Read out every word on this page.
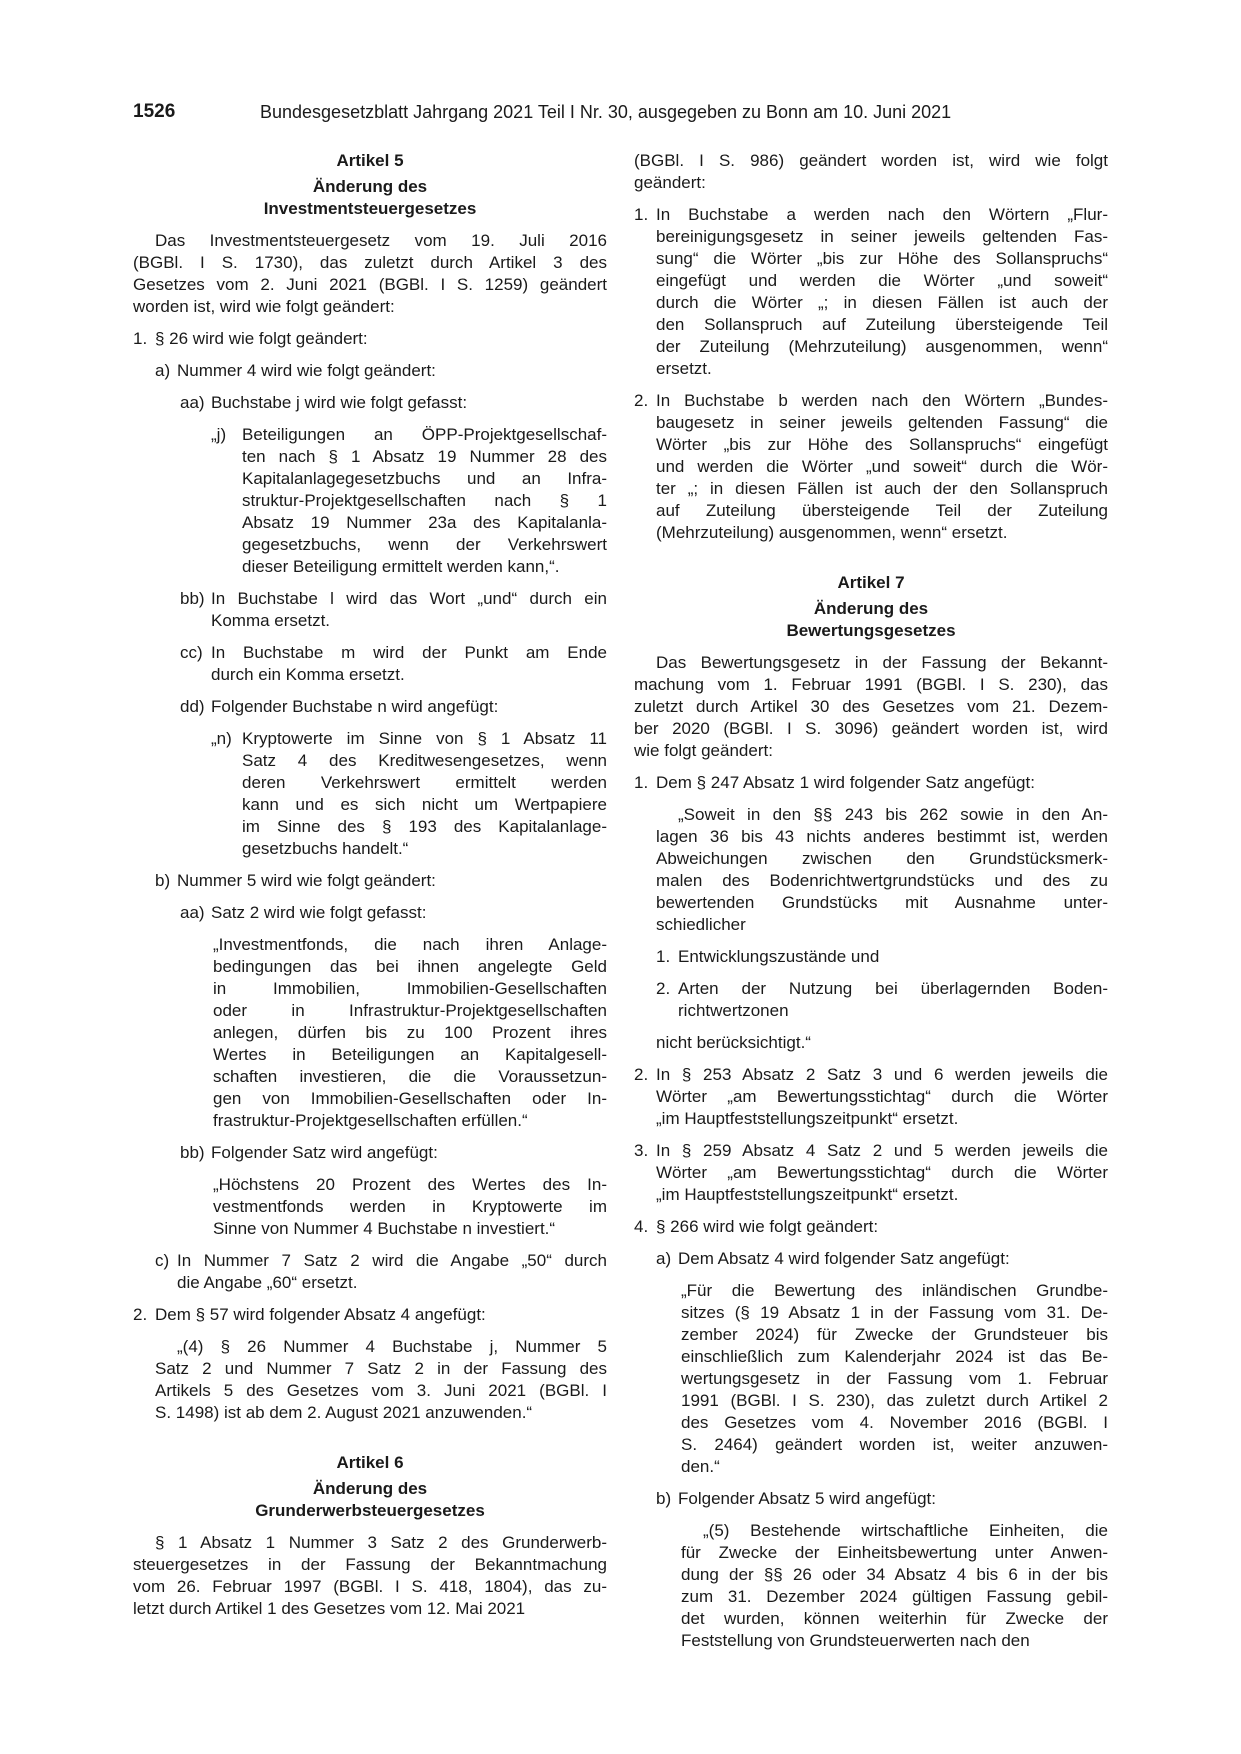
1526	Bundesgesetzblatt Jahrgang 2021 Teil I Nr. 30, ausgegeben zu Bonn am 10. Juni 2021
Artikel 5
Änderung des
Investmentsteuergesetzes
Das Investmentsteuergesetz vom 19. Juli 2016
(BGBl. I S. 1730), das zuletzt durch Artikel 3 des
Gesetzes vom 2. Juni 2021 (BGBl. I S. 1259) geändert
worden ist, wird wie folgt geändert:
1. § 26 wird wie folgt geändert:
a) Nummer 4 wird wie folgt geändert:
aa) Buchstabe j wird wie folgt gefasst:
„j) Beteiligungen an ÖPP-Projektgesellschaf-
ten nach § 1 Absatz 19 Nummer 28 des
Kapitalanlagegesetzbuchs und an Infra-
struktur-Projektgesellschaften nach § 1
Absatz 19 Nummer 23a des Kapitalanla-
gegesetzbuchs, wenn der Verkehrswert
dieser Beteiligung ermittelt werden kann,“.
bb) In Buchstabe l wird das Wort „und“ durch ein
Komma ersetzt.
cc) In Buchstabe m wird der Punkt am Ende
durch ein Komma ersetzt.
dd) Folgender Buchstabe n wird angefügt:
„n) Kryptowerte im Sinne von § 1 Absatz 11
Satz 4 des Kreditwesengesetzes, wenn
deren Verkehrswert ermittelt werden
kann und es sich nicht um Wertpapiere
im Sinne des § 193 des Kapitalanlage-
gesetzbuchs handelt.“
b) Nummer 5 wird wie folgt geändert:
aa) Satz 2 wird wie folgt gefasst:
„Investmentfonds, die nach ihren Anlage-
bedingungen das bei ihnen angelegte Geld
in Immobilien, Immobilien-Gesellschaften
oder in Infrastruktur-Projektgesellschaften
anlegen, dürfen bis zu 100 Prozent ihres
Wertes in Beteiligungen an Kapitalgesell-
schaften investieren, die die Voraussetzun-
gen von Immobilien-Gesellschaften oder In-
frastruktur-Projektgesellschaften erfüllen.“
bb) Folgender Satz wird angefügt:
„Höchstens 20 Prozent des Wertes des In-
vestmentfonds werden in Kryptowerte im
Sinne von Nummer 4 Buchstabe n investiert.“
c) In Nummer 7 Satz 2 wird die Angabe „50“ durch
die Angabe „60“ ersetzt.
2. Dem § 57 wird folgender Absatz 4 angefügt:
„(4) § 26 Nummer 4 Buchstabe j, Nummer 5
Satz 2 und Nummer 7 Satz 2 in der Fassung des
Artikels 5 des Gesetzes vom 3. Juni 2021 (BGBl. I
S. 1498) ist ab dem 2. August 2021 anzuwenden.“
Artikel 6
Änderung des
Grunderwerbsteuergesetzes
§ 1 Absatz 1 Nummer 3 Satz 2 des Grunderwerb-
steuergesetzes in der Fassung der Bekanntmachung
vom 26. Februar 1997 (BGBl. I S. 418, 1804), das zu-
letzt durch Artikel 1 des Gesetzes vom 12. Mai 2021
(BGBl. I S. 986) geändert worden ist, wird wie folgt
geändert:
1. In Buchstabe a werden nach den Wörtern „Flur-
bereinigungsgesetz in seiner jeweils geltenden Fas-
sung“ die Wörter „bis zur Höhe des Sollanspruchs“
eingefügt und werden die Wörter „und soweit“
durch die Wörter „; in diesen Fällen ist auch der
den Sollanspruch auf Zuteilung übersteigende Teil
der Zuteilung (Mehrzuteilung) ausgenommen, wenn“
ersetzt.
2. In Buchstabe b werden nach den Wörtern „Bundes-
baugesetz in seiner jeweils geltenden Fassung“ die
Wörter „bis zur Höhe des Sollanspruchs“ eingefügt
und werden die Wörter „und soweit“ durch die Wör-
ter „; in diesen Fällen ist auch der den Sollanspruch
auf Zuteilung übersteigende Teil der Zuteilung
(Mehrzuteilung) ausgenommen, wenn“ ersetzt.
Artikel 7
Änderung des
Bewertungsgesetzes
Das Bewertungsgesetz in der Fassung der Bekannt-
machung vom 1. Februar 1991 (BGBl. I S. 230), das
zuletzt durch Artikel 30 des Gesetzes vom 21. Dezem-
ber 2020 (BGBl. I S. 3096) geändert worden ist, wird
wie folgt geändert:
1. Dem § 247 Absatz 1 wird folgender Satz angefügt:
„Soweit in den §§ 243 bis 262 sowie in den An-
lagen 36 bis 43 nichts anderes bestimmt ist, werden
Abweichungen zwischen den Grundstücksmerk-
malen des Bodenrichtwertgrundstücks und des zu
bewertenden Grundstücks mit Ausnahme unter-
schiedlicher
1. Entwicklungszustände und
2. Arten der Nutzung bei überlagernden Boden-
richtwertzonen
nicht berücksichtigt.“
2. In § 253 Absatz 2 Satz 3 und 6 werden jeweils die
Wörter „am Bewertungsstichtag“ durch die Wörter
„im Hauptfeststellungszeitpunkt“ ersetzt.
3. In § 259 Absatz 4 Satz 2 und 5 werden jeweils die
Wörter „am Bewertungsstichtag“ durch die Wörter
„im Hauptfeststellungszeitpunkt“ ersetzt.
4. § 266 wird wie folgt geändert:
a) Dem Absatz 4 wird folgender Satz angefügt:
„Für die Bewertung des inländischen Grundbe-
sitzes (§ 19 Absatz 1 in der Fassung vom 31. De-
zember 2024) für Zwecke der Grundsteuer bis
einschließlich zum Kalenderjahr 2024 ist das Be-
wertungsgesetz in der Fassung vom 1. Februar
1991 (BGBl. I S. 230), das zuletzt durch Artikel 2
des Gesetzes vom 4. November 2016 (BGBl. I
S. 2464) geändert worden ist, weiter anzuwen-
den.“
b) Folgender Absatz 5 wird angefügt:
„(5) Bestehende wirtschaftliche Einheiten, die
für Zwecke der Einheitsbewertung unter Anwen-
dung der §§ 26 oder 34 Absatz 4 bis 6 in der bis
zum 31. Dezember 2024 gültigen Fassung gebil-
det wurden, können weiterhin für Zwecke der
Feststellung von Grundsteuerwerten nach den
